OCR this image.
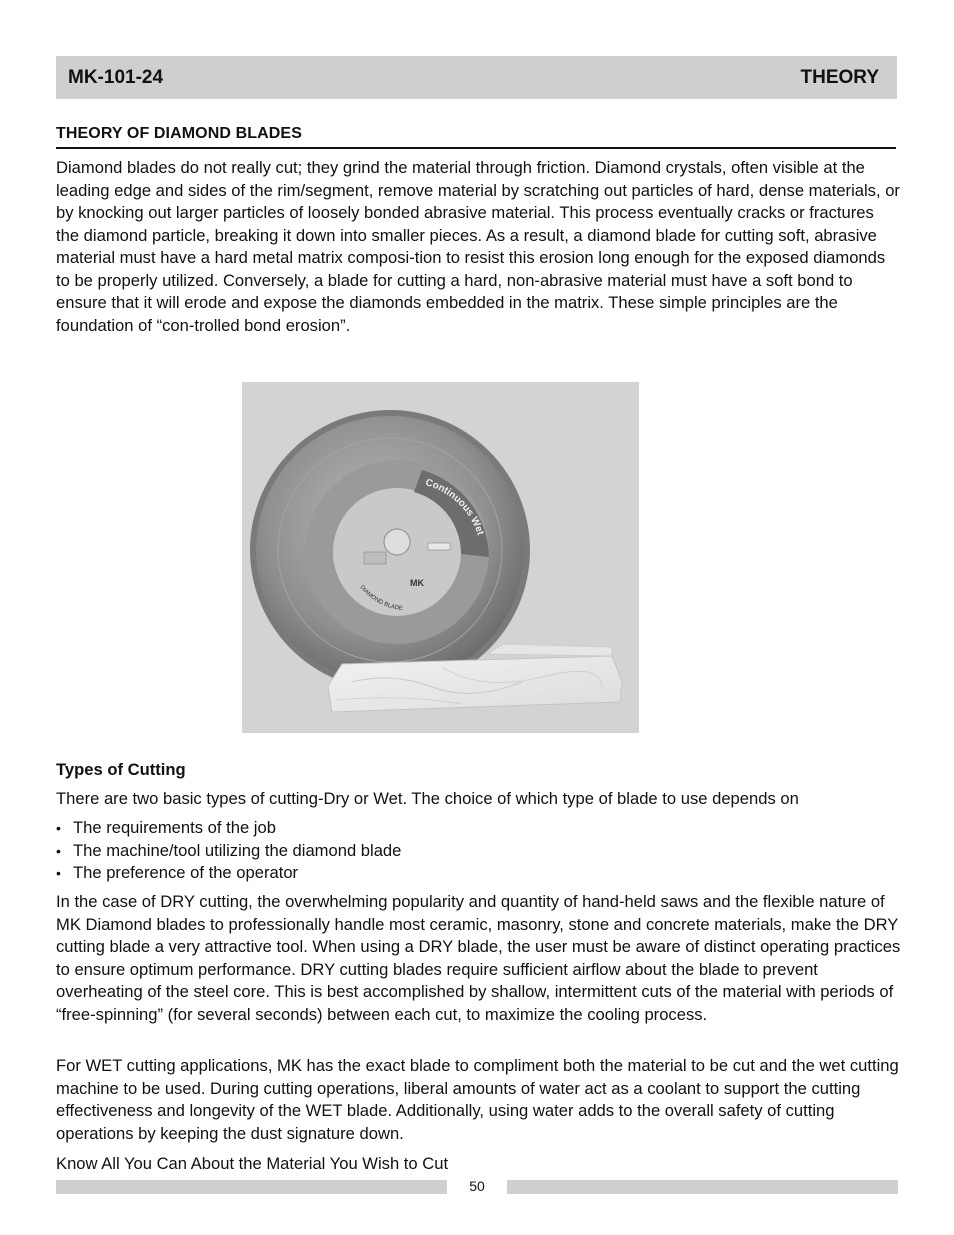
MK-101-24	THEORY
THEORY OF DIAMOND BLADES
Diamond blades do not really cut; they grind the material through friction. Diamond crystals, often visible at the leading edge and sides of the rim/segment, remove material by scratching out particles of hard, dense materials, or by knocking out larger particles of loosely bonded abrasive material. This process eventually cracks or fractures the diamond particle, breaking it down into smaller pieces. As a result, a diamond blade for cutting soft, abrasive material must have a hard metal matrix composi-tion to resist this erosion long enough for the exposed diamonds to be properly utilized. Conversely, a blade for cutting a hard, non-abrasive material must have a soft bond to ensure that it will erode and expose the diamonds embedded in the matrix. These simple principles are the foundation of “con-trolled bond erosion”.
Continuous Wet
MK
DIAMOND BLADE
Types of Cutting
There are two basic types of cutting-Dry or Wet. The choice of which type of blade to use depends on
• The requirements of the job
• The machine/tool utilizing the diamond blade
• The preference of the operator
In the case of DRY cutting, the overwhelming popularity and quantity of hand-held saws and the flexible nature of MK Diamond blades to professionally handle most ceramic, masonry, stone and concrete materials, make the DRY cutting blade a very attractive tool. When using a DRY blade, the user must be aware of distinct operating practices to ensure optimum performance. DRY cutting blades require sufficient airflow about the blade to prevent overheating of the steel core. This is best accomplished by shallow, intermittent cuts of the material with periods of “free-spinning” (for several seconds) between each cut, to maximize the cooling process.
For WET cutting applications, MK has the exact blade to compliment both the material to be cut and the wet cutting machine to be used. During cutting operations, liberal amounts of water act as a coolant to support the cutting effectiveness and longevity of the WET blade. Additionally, using water adds to the overall safety of cutting operations by keeping the dust signature down.
Know All You Can About the Material You Wish to Cut
50
